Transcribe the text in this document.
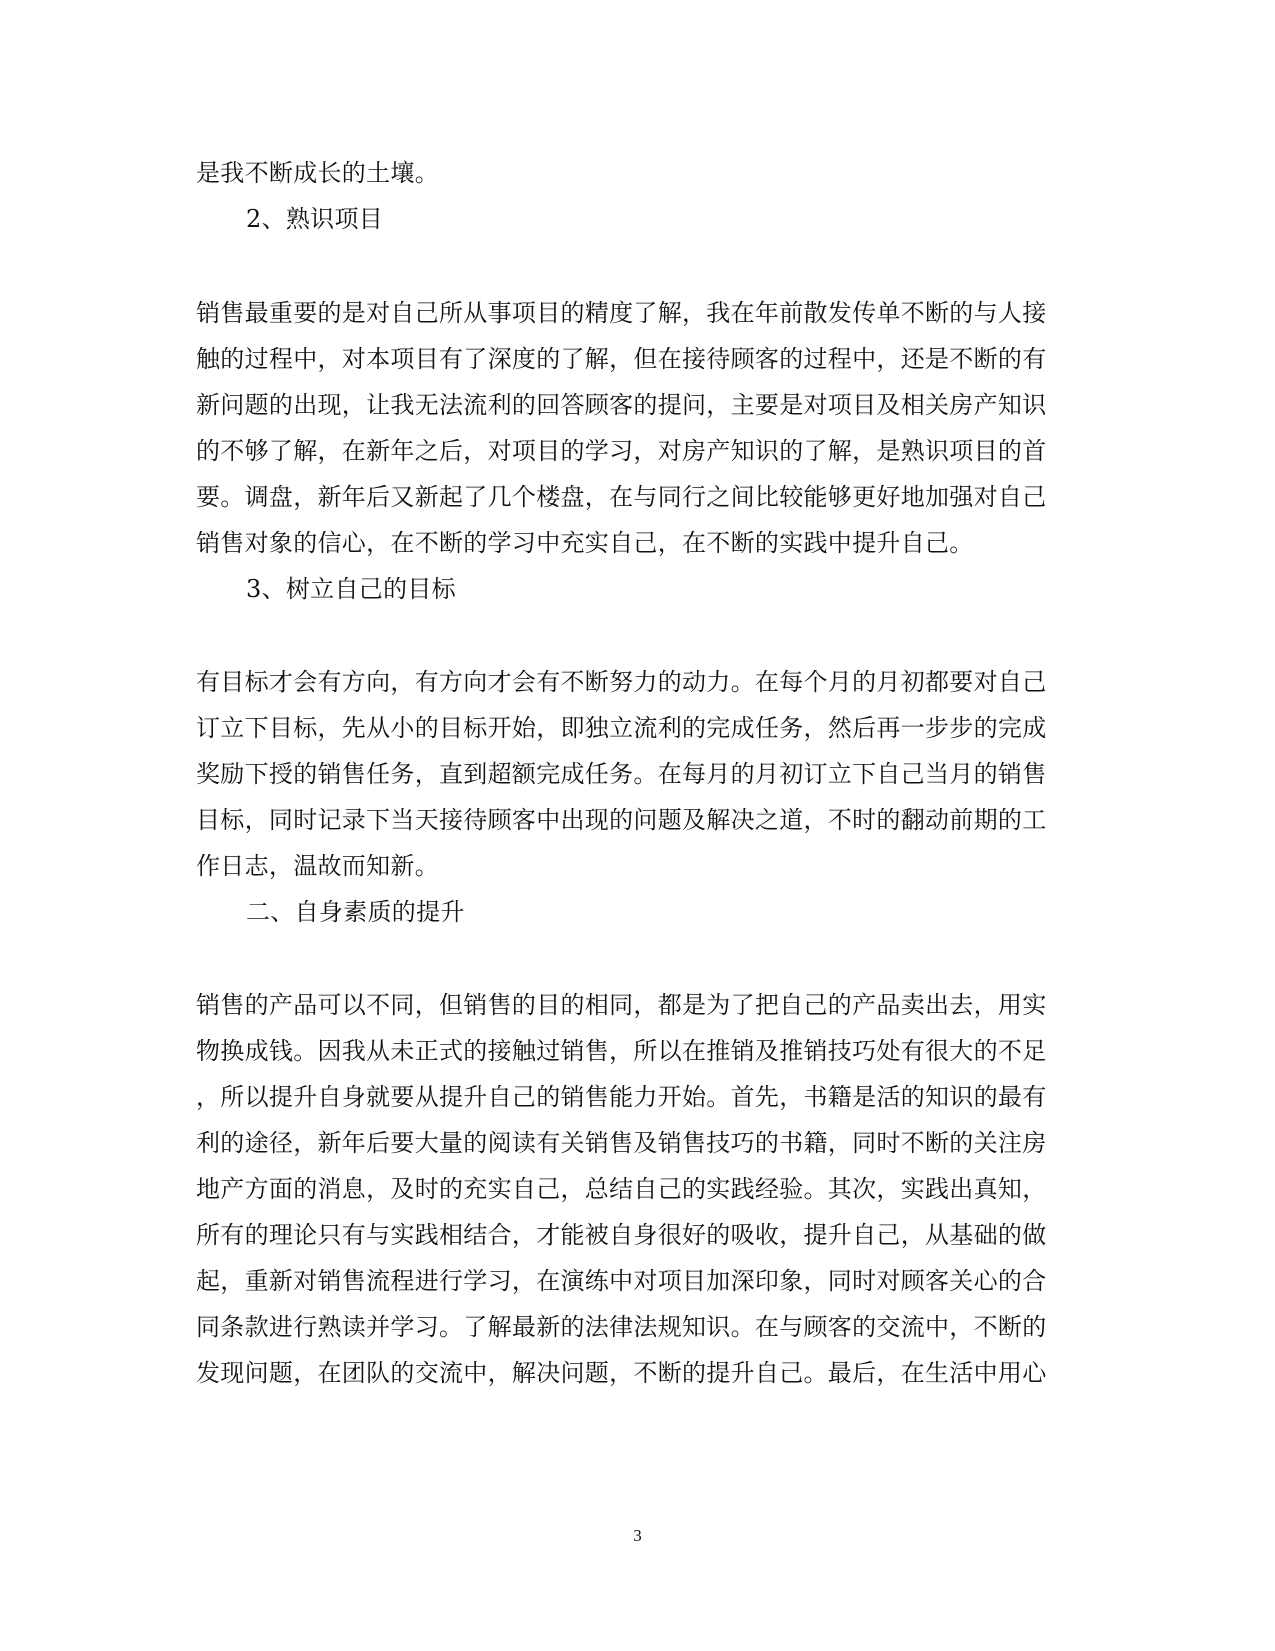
是我不断成长的土壤。
2、熟识项目
销售最重要的是对自己所从事项目的精度了解，我在年前散发传单不断的与人接
触的过程中，对本项目有了深度的了解，但在接待顾客的过程中，还是不断的有
新问题的出现，让我无法流利的回答顾客的提问，主要是对项目及相关房产知识
的不够了解，在新年之后，对项目的学习，对房产知识的了解，是熟识项目的首
要。调盘，新年后又新起了几个楼盘，在与同行之间比较能够更好地加强对自己
销售对象的信心，在不断的学习中充实自己，在不断的实践中提升自己。
3、树立自己的目标
有目标才会有方向，有方向才会有不断努力的动力。在每个月的月初都要对自己
订立下目标，先从小的目标开始，即独立流利的完成任务，然后再一步步的完成
奖励下授的销售任务，直到超额完成任务。在每月的月初订立下自己当月的销售
目标，同时记录下当天接待顾客中出现的问题及解决之道，不时的翻动前期的工
作日志，温故而知新。
二、自身素质的提升
销售的产品可以不同，但销售的目的相同，都是为了把自己的产品卖出去，用实
物换成钱。因我从未正式的接触过销售，所以在推销及推销技巧处有很大的不足
，所以提升自身就要从提升自己的销售能力开始。首先，书籍是活的知识的最有
利的途径，新年后要大量的阅读有关销售及销售技巧的书籍，同时不断的关注房
地产方面的消息，及时的充实自己，总结自己的实践经验。其次，实践出真知，
所有的理论只有与实践相结合，才能被自身很好的吸收，提升自己，从基础的做
起，重新对销售流程进行学习，在演练中对项目加深印象，同时对顾客关心的合
同条款进行熟读并学习。了解最新的法律法规知识。在与顾客的交流中，不断的
发现问题，在团队的交流中，解决问题，不断的提升自己。最后，在生活中用心
3
